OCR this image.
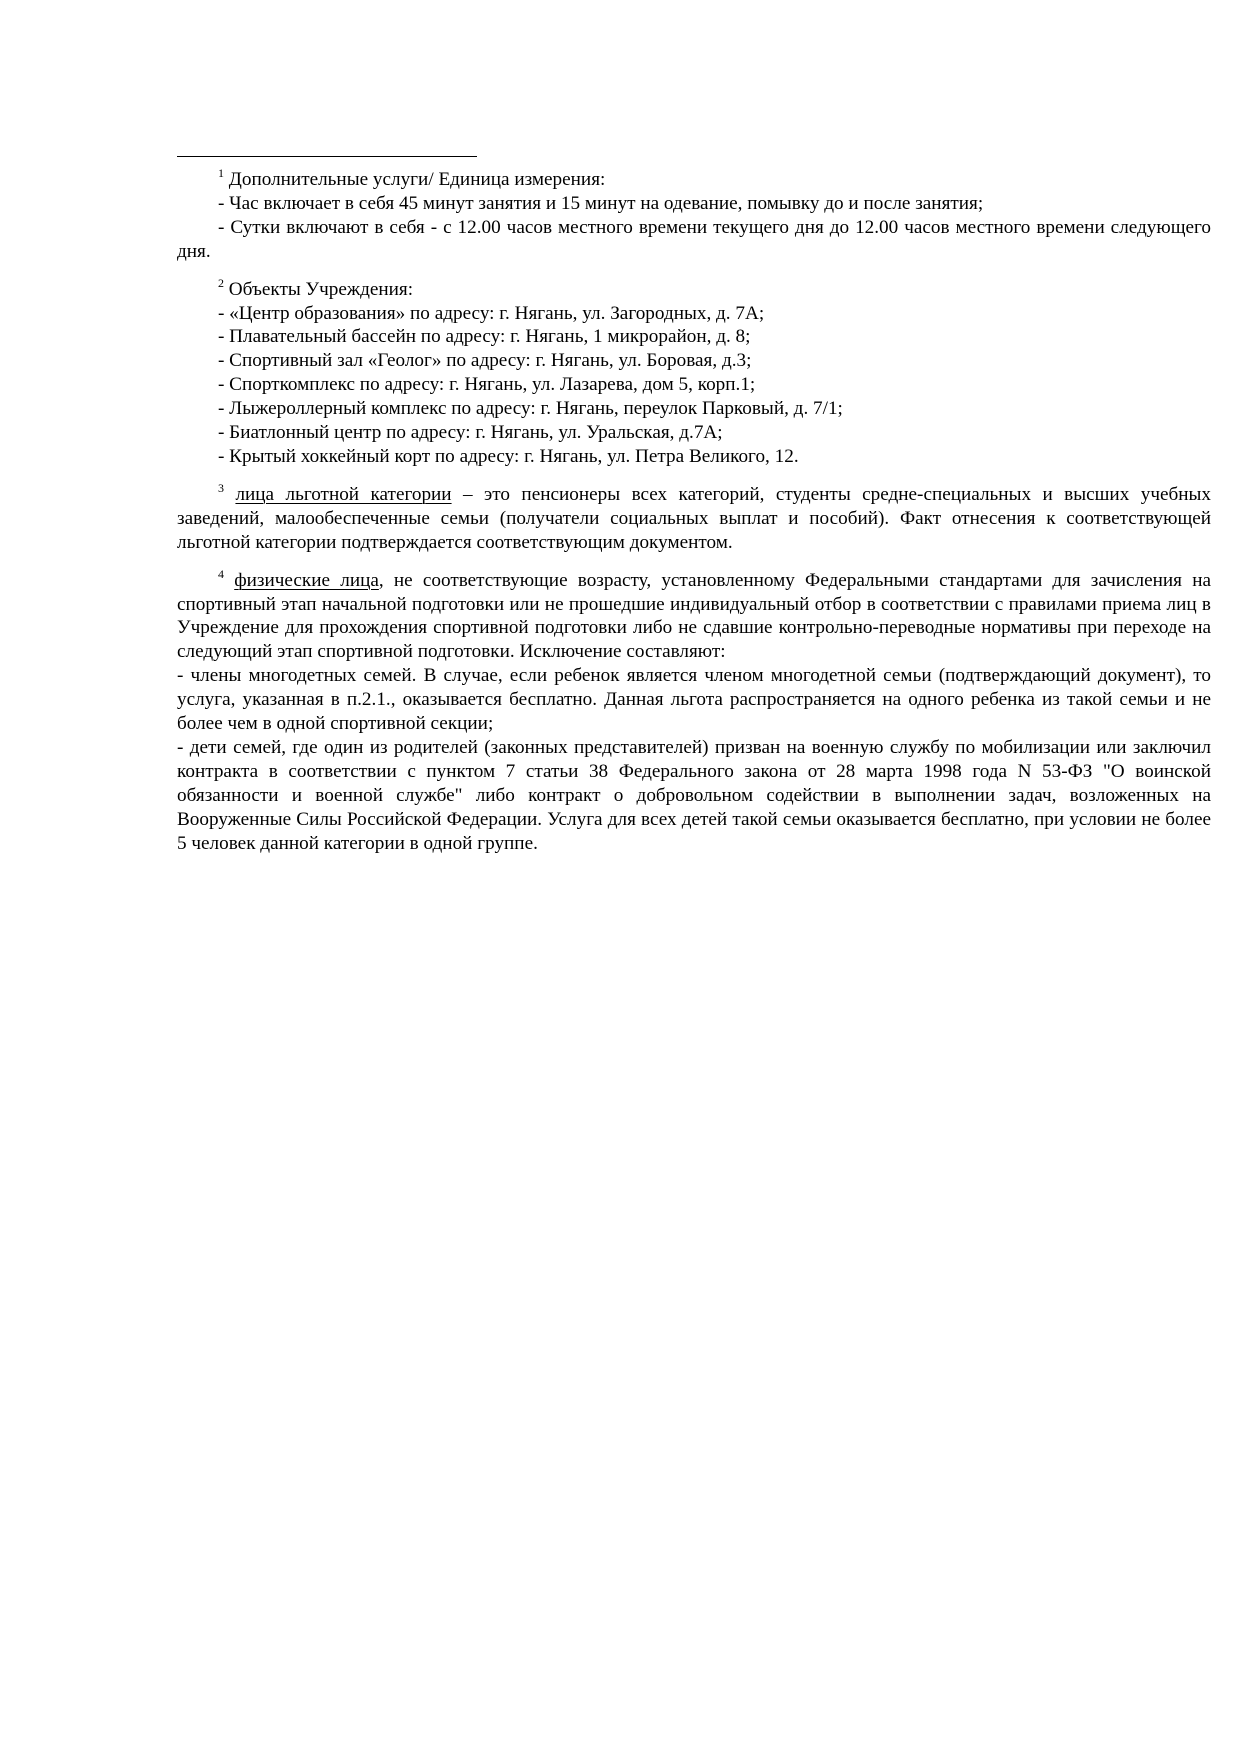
$^1$ Дополнительные услуги/ Единица измерения:

- Час включает в себя 45 минут занятия и 15 минут на одевание, помывку до и после занятия;

- Сутки включают в себя - с 12.00 часов местного времени текущего дня до 12.00 часов местного времени следующего дня.

$^2$ Объекты Учреждения:

- «Центр образования» по адресу: г. Нягань, ул. Загородных, д. 7А;

- Плавательный бассейн по адресу: г. Нягань, 1 микрорайон, д. 8;

- Спортивный зал «Геолог» по адресу: г. Нягань, ул. Боровая, д.3;

- Спорткомплекс по адресу: г. Нягань, ул. Лазарева, дом 5, корп.1;

- Лыжероллерный комплекс по адресу: г. Нягань, переулок Парковый, д. 7/1;

- Биатлонный центр по адресу: г. Нягань, ул. Уральская, д.7А;

- Крытый хоккейный корт по адресу: г. Нягань, ул. Петра Великого, 12.

$^3$ лица льготной категории – это пенсионеры всех категорий, студенты средне-специальных и высших учебных заведений, малообеспеченные семьи (получатели социальных выплат и пособий). Факт отнесения к соответствующей льготной категории подтверждается соответствующим документом.

$^4$ физические лица, не соответствующие возрасту, установленному Федеральными стандартами для зачисления на спортивный этап начальной подготовки или не прошедшие индивидуальный отбор в соответствии с правилами приема лиц в Учреждение для прохождения спортивной подготовки либо не сдавшие контрольно-переводные нормативы при переходе на следующий этап спортивной подготовки. Исключение составляют:

- члены многодетных семей. В случае, если ребенок является членом многодетной семьи (подтверждающий документ), то услуга, указанная в п.2.1., оказывается бесплатно. Данная льгота распространяется на одного ребенка из такой семьи и не более чем в одной спортивной секции;

- дети семей, где один из родителей (законных представителей) призван на военную службу по мобилизации или заключил контракта в соответствии с пунктом 7 статьи 38 Федерального закона от 28 марта 1998 года N 53-ФЗ "О воинской обязанности и военной службе" либо контракт о добровольном содействии в выполнении задач, возложенных на Вооруженные Силы Российской Федерации. Услуга для всех детей такой семьи оказывается бесплатно, при условии не более 5 человек данной категории в одной группе.
